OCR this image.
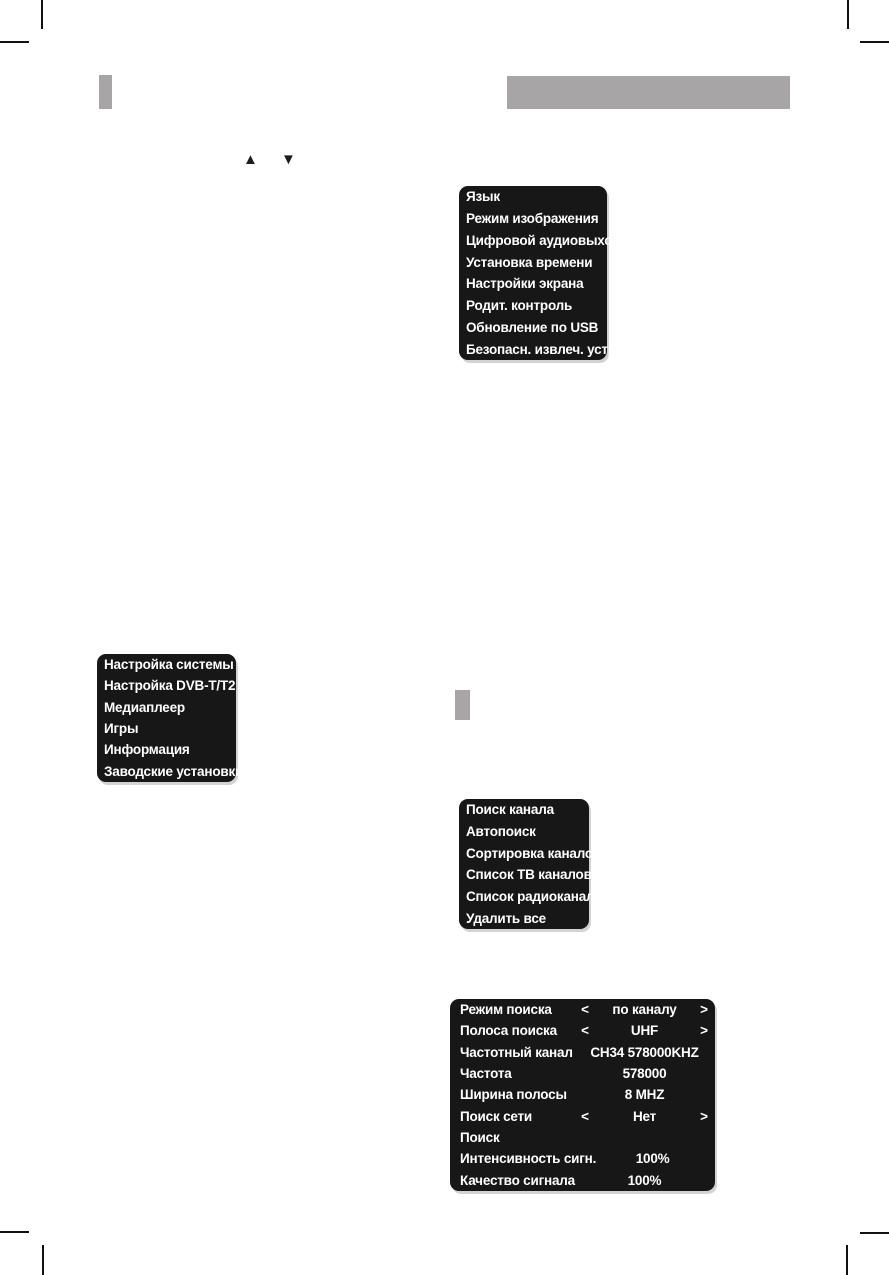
▲ ▼
Язык
Режим изображения
Цифровой аудиовыход
Установка времени
Настройки экрана
Родит. контроль
Обновление по USB
Безопасн. извлеч. устр.
Настройка системы
Настройка DVB-T/T2
Медиаплеер
Игры
Информация
Заводские установки
Поиск канала
Автопоиск
Сортировка каналов
Список ТВ каналов
Список радиоканалов
Удалить все
Режим поиска	<	по каналу	>
Полоса поиска	<	UHF	>
Частотный канал	CH34 578000KHZ
Частота	578000
Ширина полосы	8 MHZ
Поиск сети	<	Нет	>
Поиск
Интенсивность сигн.	100%
Качество сигнала	100%
